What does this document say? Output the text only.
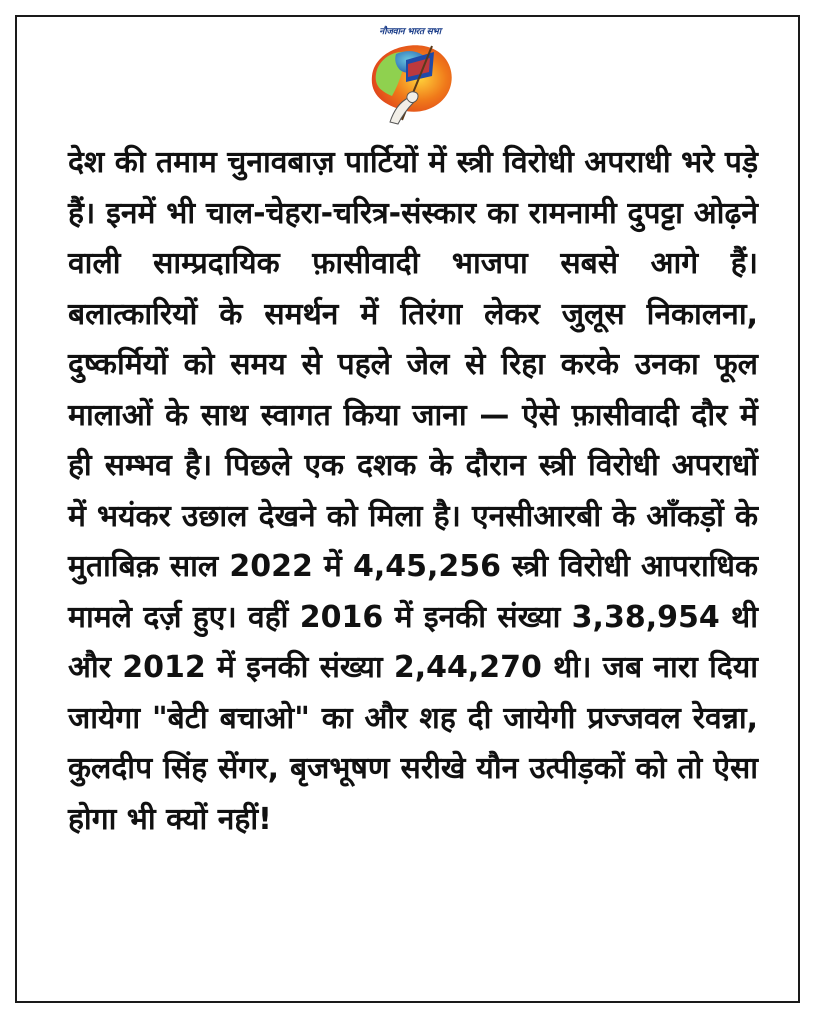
नौजवान भारत सभा

देश की तमाम चुनावबाज़ पार्टियों में स्त्री विरोधी अपराधी भरे पड़े हैं। इनमें भी चाल-चेहरा-चरित्र-संस्कार का रामनामी दुपट्टा ओढ़ने वाली साम्प्रदायिक फ़ासीवादी भाजपा सबसे आगे हैं। बलात्कारियों के समर्थन में तिरंगा लेकर जुलूस निकालना, दुष्कर्मियों को समय से पहले जेल से रिहा करके उनका फूल मालाओं के साथ स्वागत किया जाना — ऐसे फ़ासीवादी दौर में ही सम्भव है। पिछले एक दशक के दौरान स्त्री विरोधी अपराधों में भयंकर उछाल देखने को मिला है। एनसीआरबी के आँकड़ों के मुताबिक़ साल 2022 में 4,45,256 स्त्री विरोधी आपराधिक मामले दर्ज़ हुए। वहीं 2016 में इनकी संख्या 3,38,954 थी और 2012 में इनकी संख्या 2,44,270 थी। जब नारा दिया जायेगा "बेटी बचाओ" का और शह दी जायेगी प्रज्जवल रेवन्ना, कुलदीप सिंह सेंगर, बृजभूषण सरीखे यौन उत्पीड़कों को तो ऐसा होगा भी क्यों नहीं!
